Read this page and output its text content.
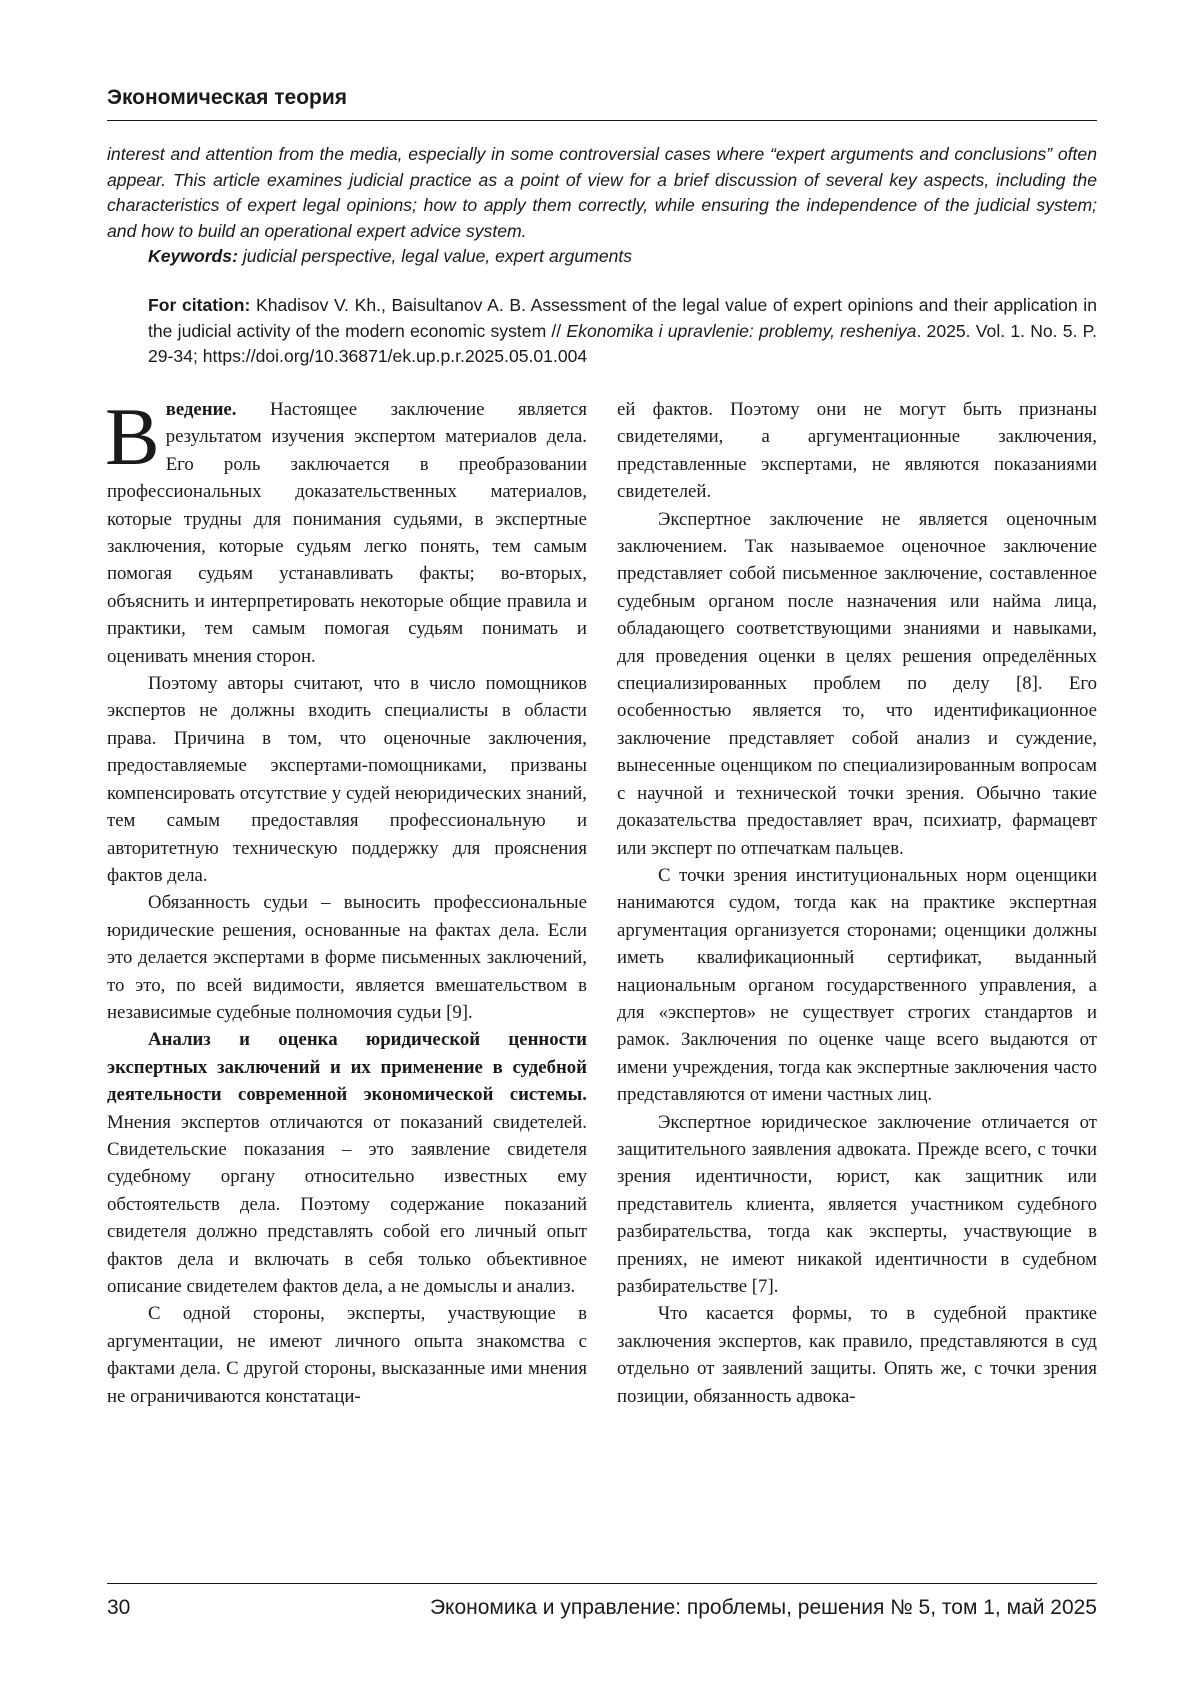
Экономическая теория

interest and attention from the media, especially in some controversial cases where “expert arguments and conclusions” often appear. This article examines judicial practice as a point of view for a brief discussion of several key aspects, including the characteristics of expert legal opinions; how to apply them correctly, while ensuring the independence of the judicial system; and how to build an operational expert advice system.

Keywords: judicial perspective, legal value, expert arguments

For citation: Khadisov V. Kh., Baisultanov A. B. Assessment of the legal value of expert opinions and their application in the judicial activity of the modern economic system // Ekonomika i upravlenie: problemy, resheniya. 2025. Vol. 1. No. 5. P. 29-34; https://doi.org/10.36871/ek.up.p.r.2025.05.01.004

Введение. Настоящее заключение является результатом изучения экспертом материалов дела. Его роль заключается в преобразовании профессиональных доказательственных материалов, которые трудны для понимания судьями, в экспертные заключения, которые судьям легко понять, тем самым помогая судьям устанавливать факты; во-вторых, объяснить и интерпретировать некоторые общие правила и практики, тем самым помогая судьям понимать и оценивать мнения сторон.

Поэтому авторы считают, что в число помощников экспертов не должны входить специалисты в области права. Причина в том, что оценочные заключения, предоставляемые экспертами-помощниками, призваны компенсировать отсутствие у судей неюридических знаний, тем самым предоставляя профессиональную и авторитетную техническую поддержку для прояснения фактов дела.

Обязанность судьи – выносить профессиональные юридические решения, основанные на фактах дела. Если это делается экспертами в форме письменных заключений, то это, по всей видимости, является вмешательством в независимые судебные полномочия судьи [9].

Анализ и оценка юридической ценности экспертных заключений и их применение в судебной деятельности современной экономической системы. Мнения экспертов отличаются от показаний свидетелей. Свидетельские показания – это заявление свидетеля судебному органу относительно известных ему обстоятельств дела. Поэтому содержание показаний свидетеля должно представлять собой его личный опыт фактов дела и включать в себя только объективное описание свидетелем фактов дела, а не домыслы и анализ.

С одной стороны, эксперты, участвующие в аргументации, не имеют личного опыта знакомства с фактами дела. С другой стороны, высказанные ими мнения не ограничиваются констатаци-

ей фактов. Поэтому они не могут быть признаны свидетелями, а аргументационные заключения, представленные экспертами, не являются показаниями свидетелей.

Экспертное заключение не является оценочным заключением. Так называемое оценочное заключение представляет собой письменное заключение, составленное судебным органом после назначения или найма лица, обладающего соответствующими знаниями и навыками, для проведения оценки в целях решения определённых специализированных проблем по делу [8]. Его особенностью является то, что идентификационное заключение представляет собой анализ и суждение, вынесенные оценщиком по специализированным вопросам с научной и технической точки зрения. Обычно такие доказательства предоставляет врач, психиатр, фармацевт или эксперт по отпечаткам пальцев.

С точки зрения институциональных норм оценщики нанимаются судом, тогда как на практике экспертная аргументация организуется сторонами; оценщики должны иметь квалификационный сертификат, выданный национальным органом государственного управления, а для «экспертов» не существует строгих стандартов и рамок. Заключения по оценке чаще всего выдаются от имени учреждения, тогда как экспертные заключения часто представляются от имени частных лиц.

Экспертное юридическое заключение отличается от защитительного заявления адвоката. Прежде всего, с точки зрения идентичности, юрист, как защитник или представитель клиента, является участником судебного разбирательства, тогда как эксперты, участвующие в прениях, не имеют никакой идентичности в судебном разбирательстве [7].

Что касается формы, то в судебной практике заключения экспертов, как правило, представляются в суд отдельно от заявлений защиты. Опять же, с точки зрения позиции, обязанность адвока-

30	Экономика и управление: проблемы, решения № 5, том 1, май 2025
